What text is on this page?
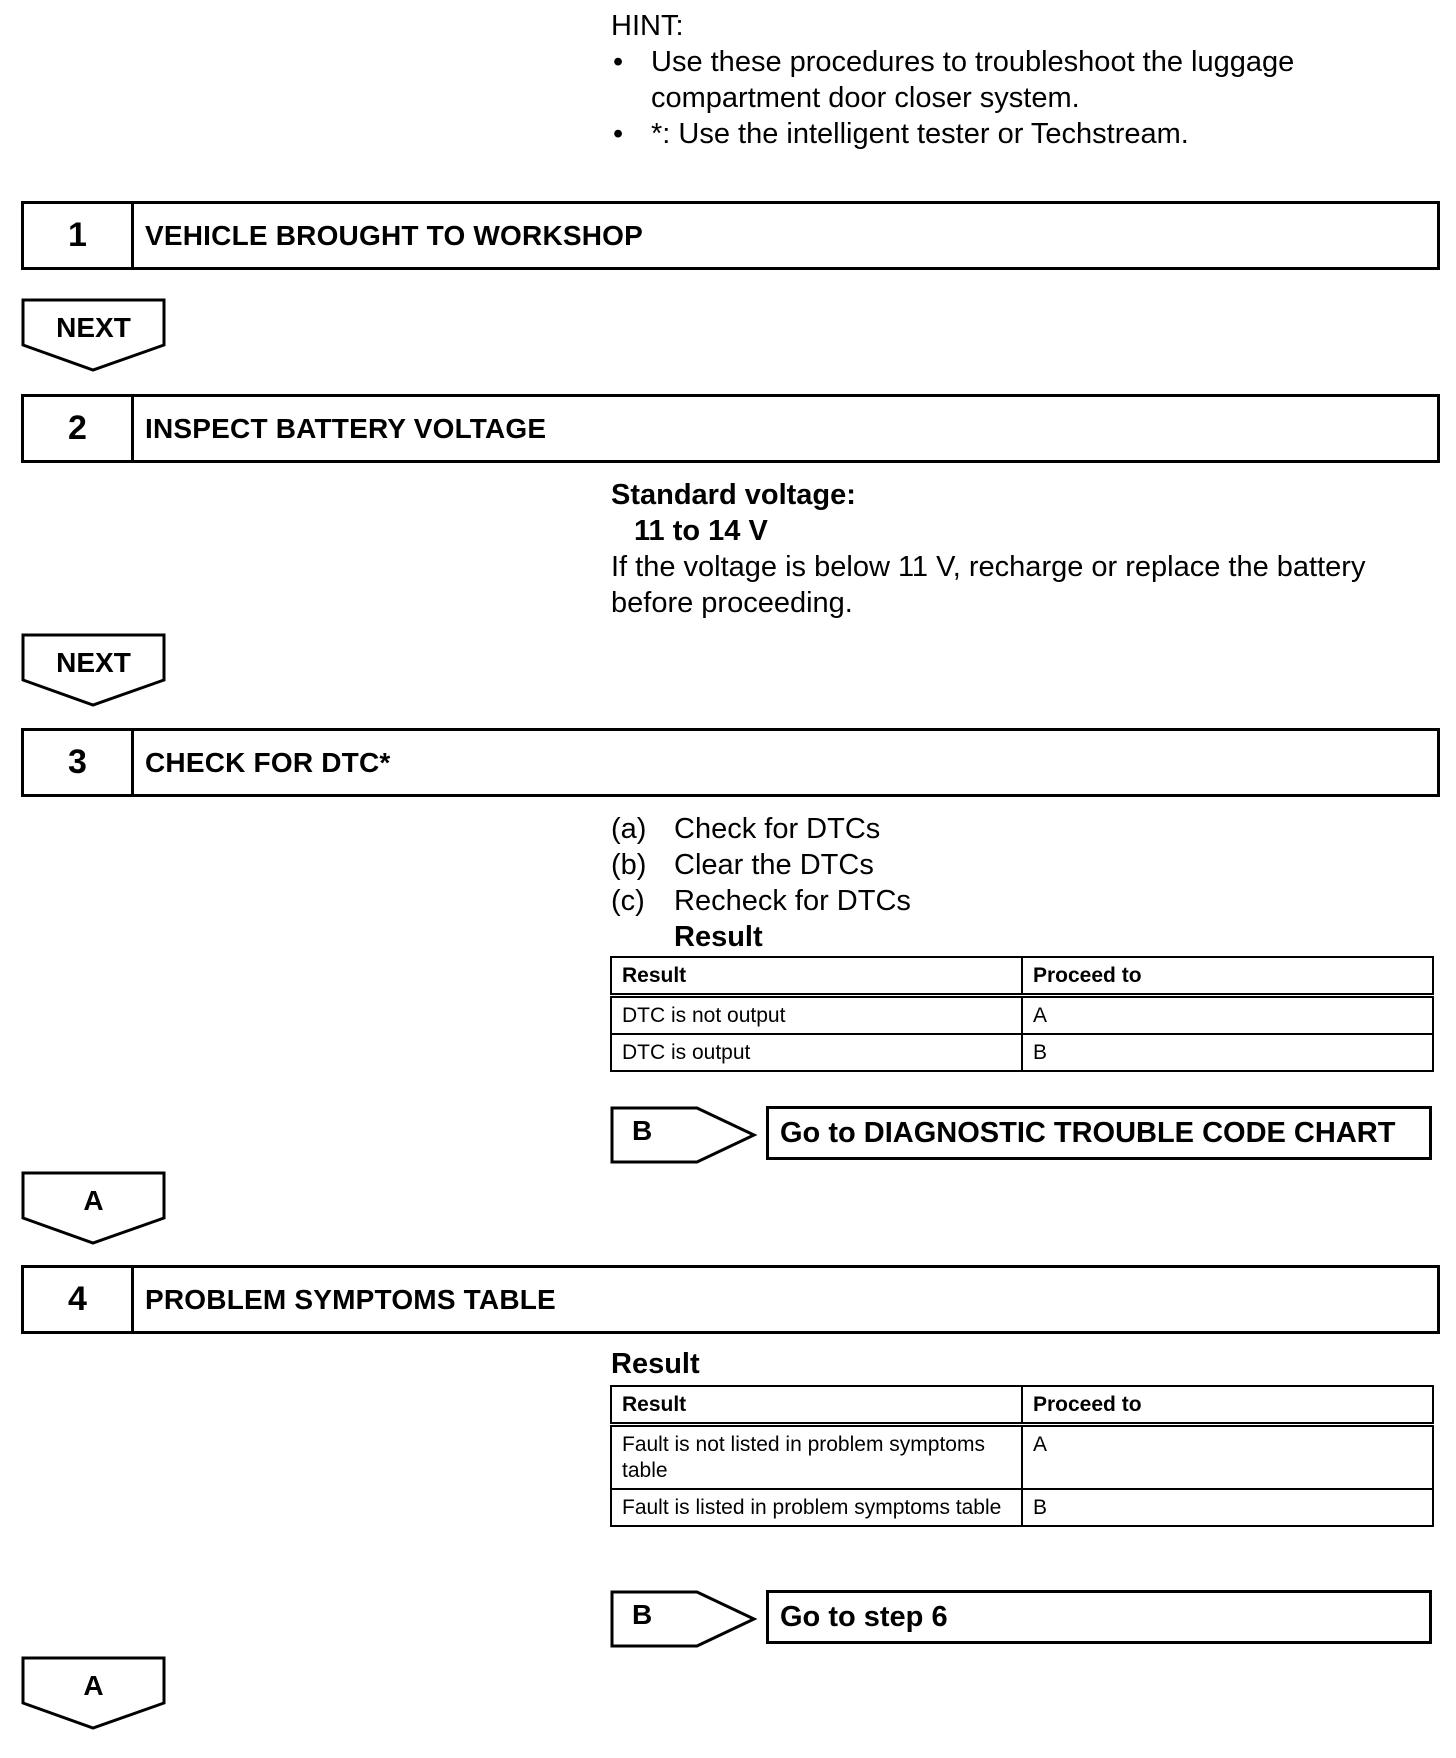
HINT:
• Use these procedures to troubleshoot the luggage compartment door closer system.
• *: Use the intelligent tester or Techstream.
1	VEHICLE BROUGHT TO WORKSHOP
NEXT
2	INSPECT BATTERY VOLTAGE
Standard voltage:
11 to 14 V
If the voltage is below 11 V, recharge or replace the battery
before proceeding.
NEXT
3	CHECK FOR DTC*
(a) Check for DTCs
(b) Clear the DTCs
(c)	Recheck for DTCs
Result
Result	Proceed to
DTC is not output	A
DTC is output	B
B	Go to DIAGNOSTIC TROUBLE CODE CHART
A
4	PROBLEM SYMPTOMS TABLE
Result
Result	Proceed to
Fault is not listed in problem symptoms table	A
Fault is listed in problem symptoms table	B
B	Go to step 6
A
